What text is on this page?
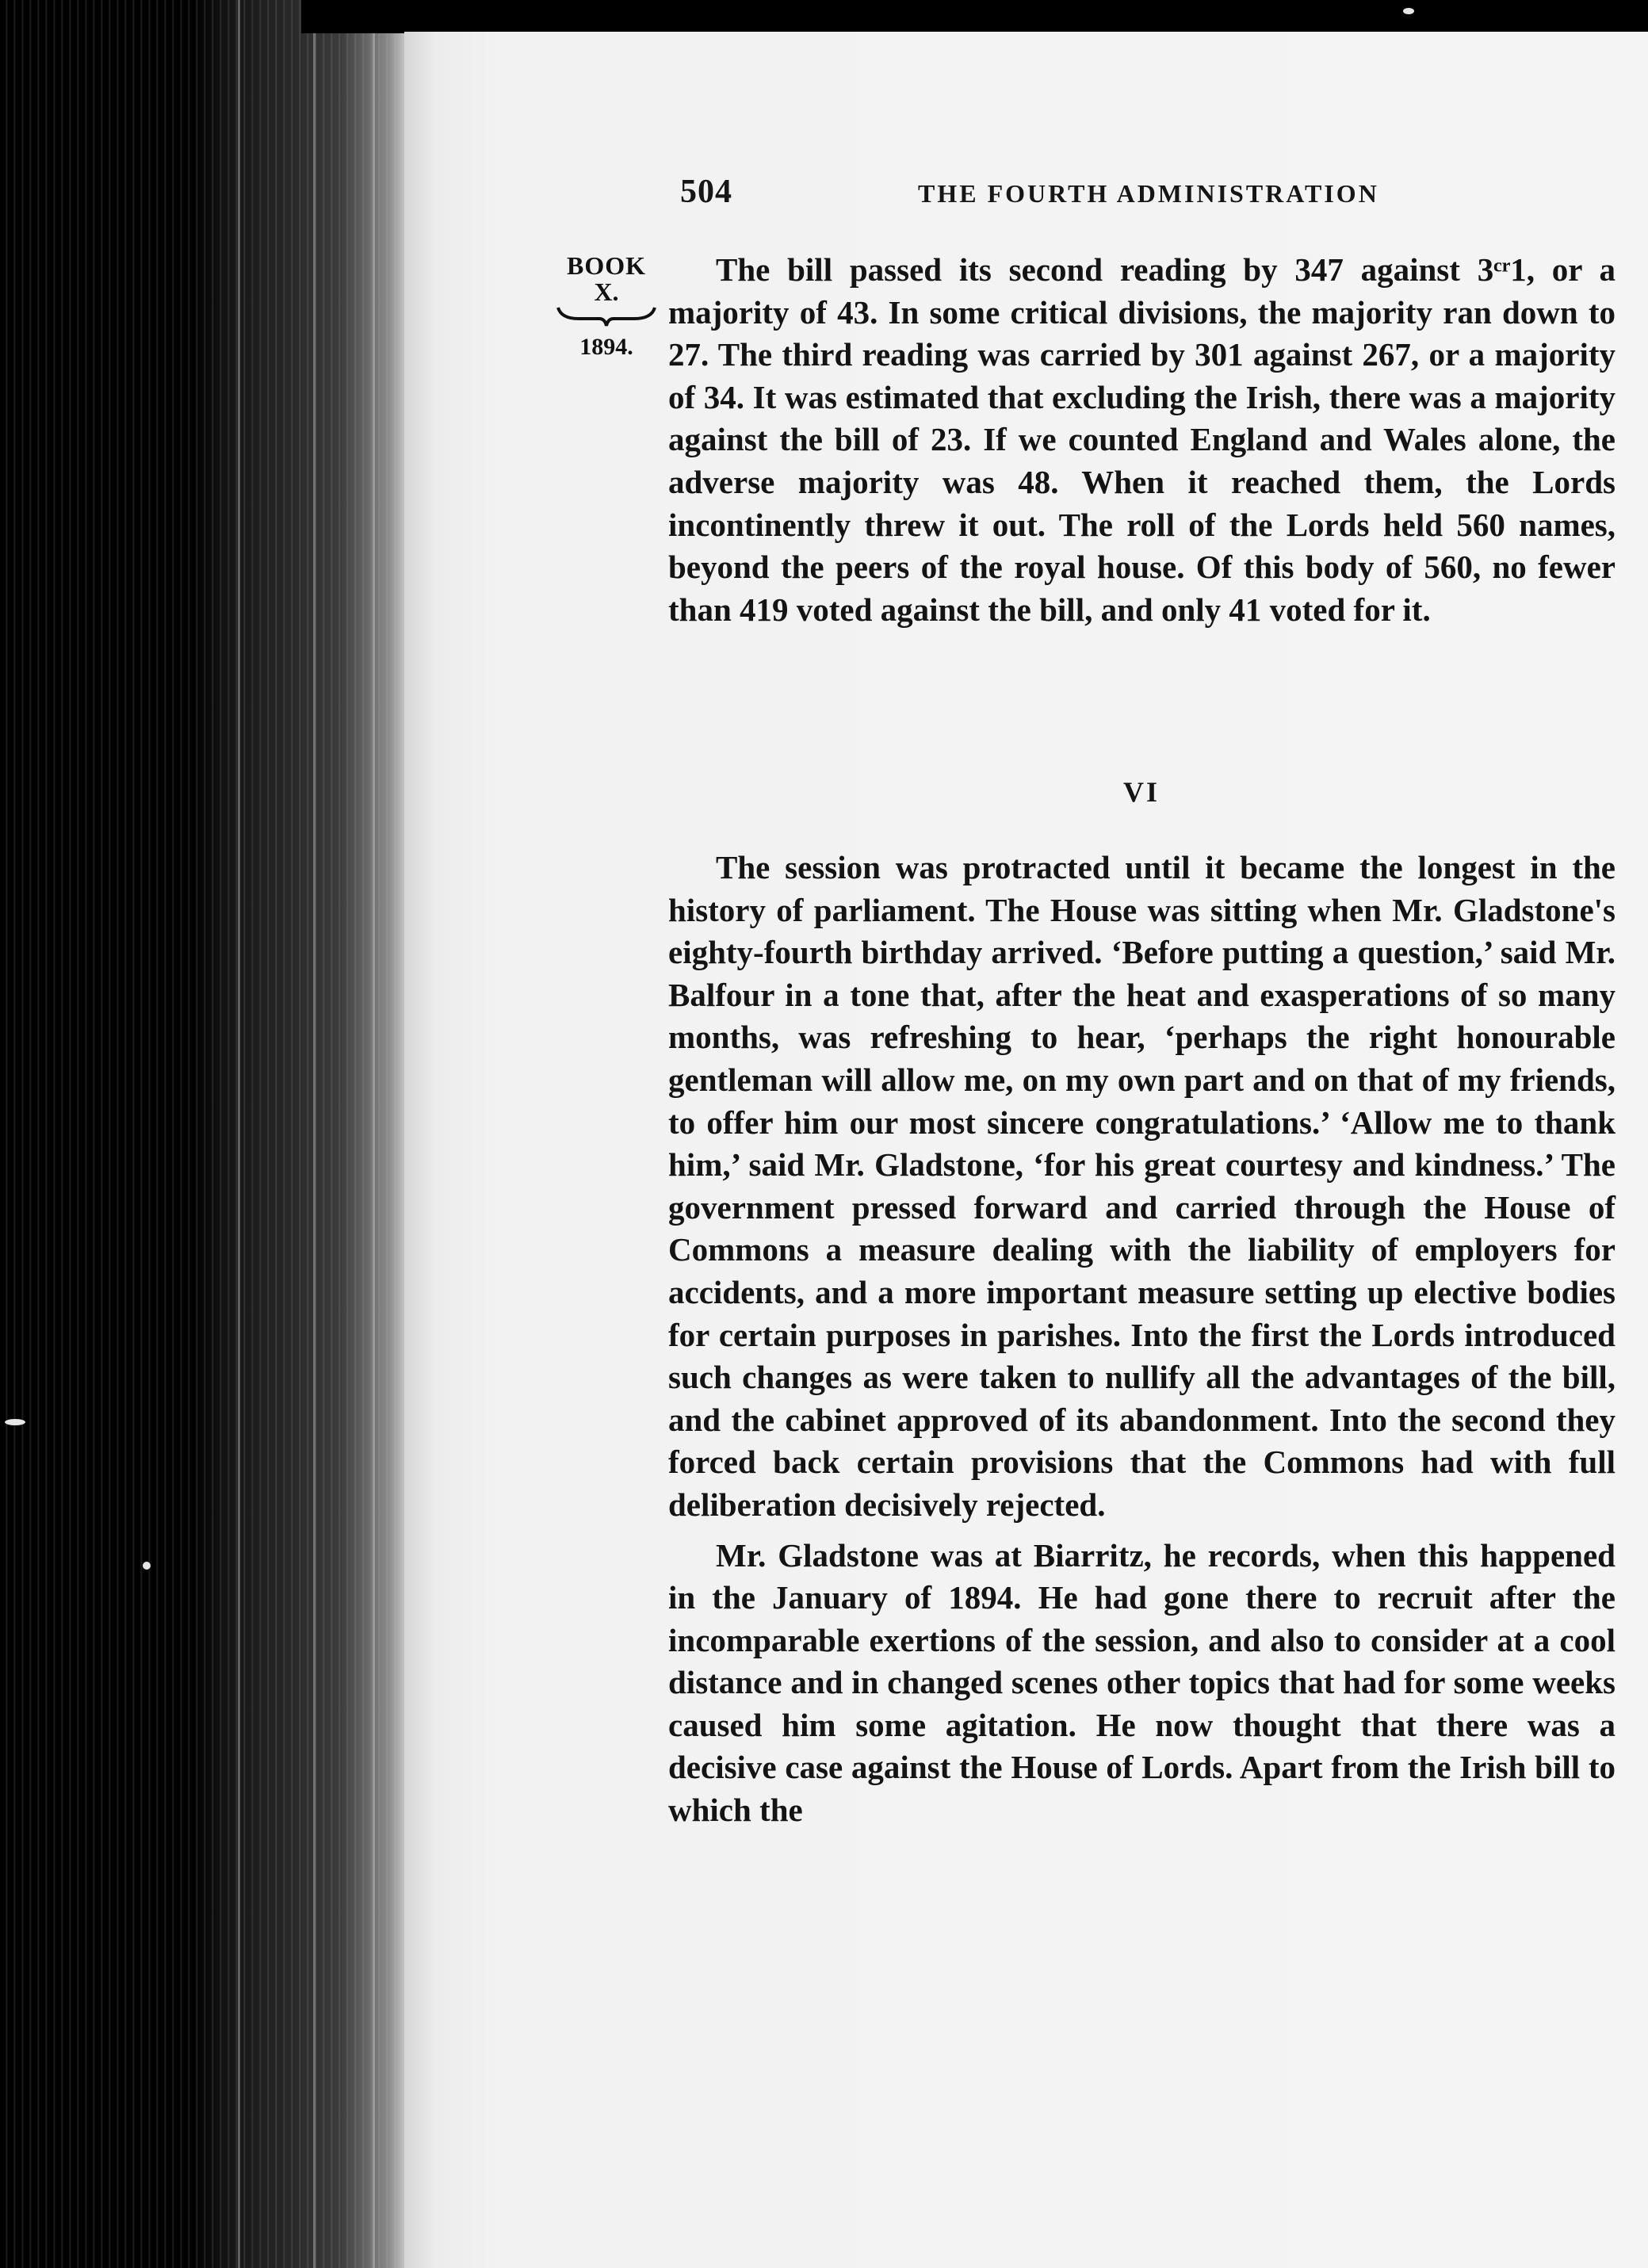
504	THE FOURTH ADMINISTRATION
BOOK
X.
1894.

The bill passed its second reading by 347 against 3ᶜʳ1, or a majority of 43. In some critical divisions, the majority ran down to 27. The third reading was carried by 301 against 267, or a majority of 34. It was estimated that excluding the Irish, there was a majority against the bill of 23. If we counted England and Wales alone, the adverse majority was 48. When it reached them, the Lords incontinently threw it out. The roll of the Lords held 560 names, beyond the peers of the royal house. Of this body of 560, no fewer than 419 voted against the bill, and only 41 voted for it.

VI

The session was protracted until it became the longest in the history of parliament. The House was sitting when Mr. Gladstone's eighty-fourth birthday arrived. ‘Before putting a question,’ said Mr. Balfour in a tone that, after the heat and exasperations of so many months, was refreshing to hear, ‘perhaps the right honourable gentleman will allow me, on my own part and on that of my friends, to offer him our most sincere congratulations.’ ‘Allow me to thank him,’ said Mr. Gladstone, ‘for his great courtesy and kindness.’ The government pressed forward and carried through the House of Commons a measure dealing with the liability of employers for accidents, and a more important measure setting up elective bodies for certain purposes in parishes. Into the first the Lords introduced such changes as were taken to nullify all the advantages of the bill, and the cabinet approved of its abandonment. Into the second they forced back certain provisions that the Commons had with full deliberation decisively rejected.

Mr. Gladstone was at Biarritz, he records, when this happened in the January of 1894. He had gone there to recruit after the incomparable exertions of the session, and also to consider at a cool distance and in changed scenes other topics that had for some weeks caused him some agitation. He now thought that there was a decisive case against the House of Lords. Apart from the Irish bill to which the
